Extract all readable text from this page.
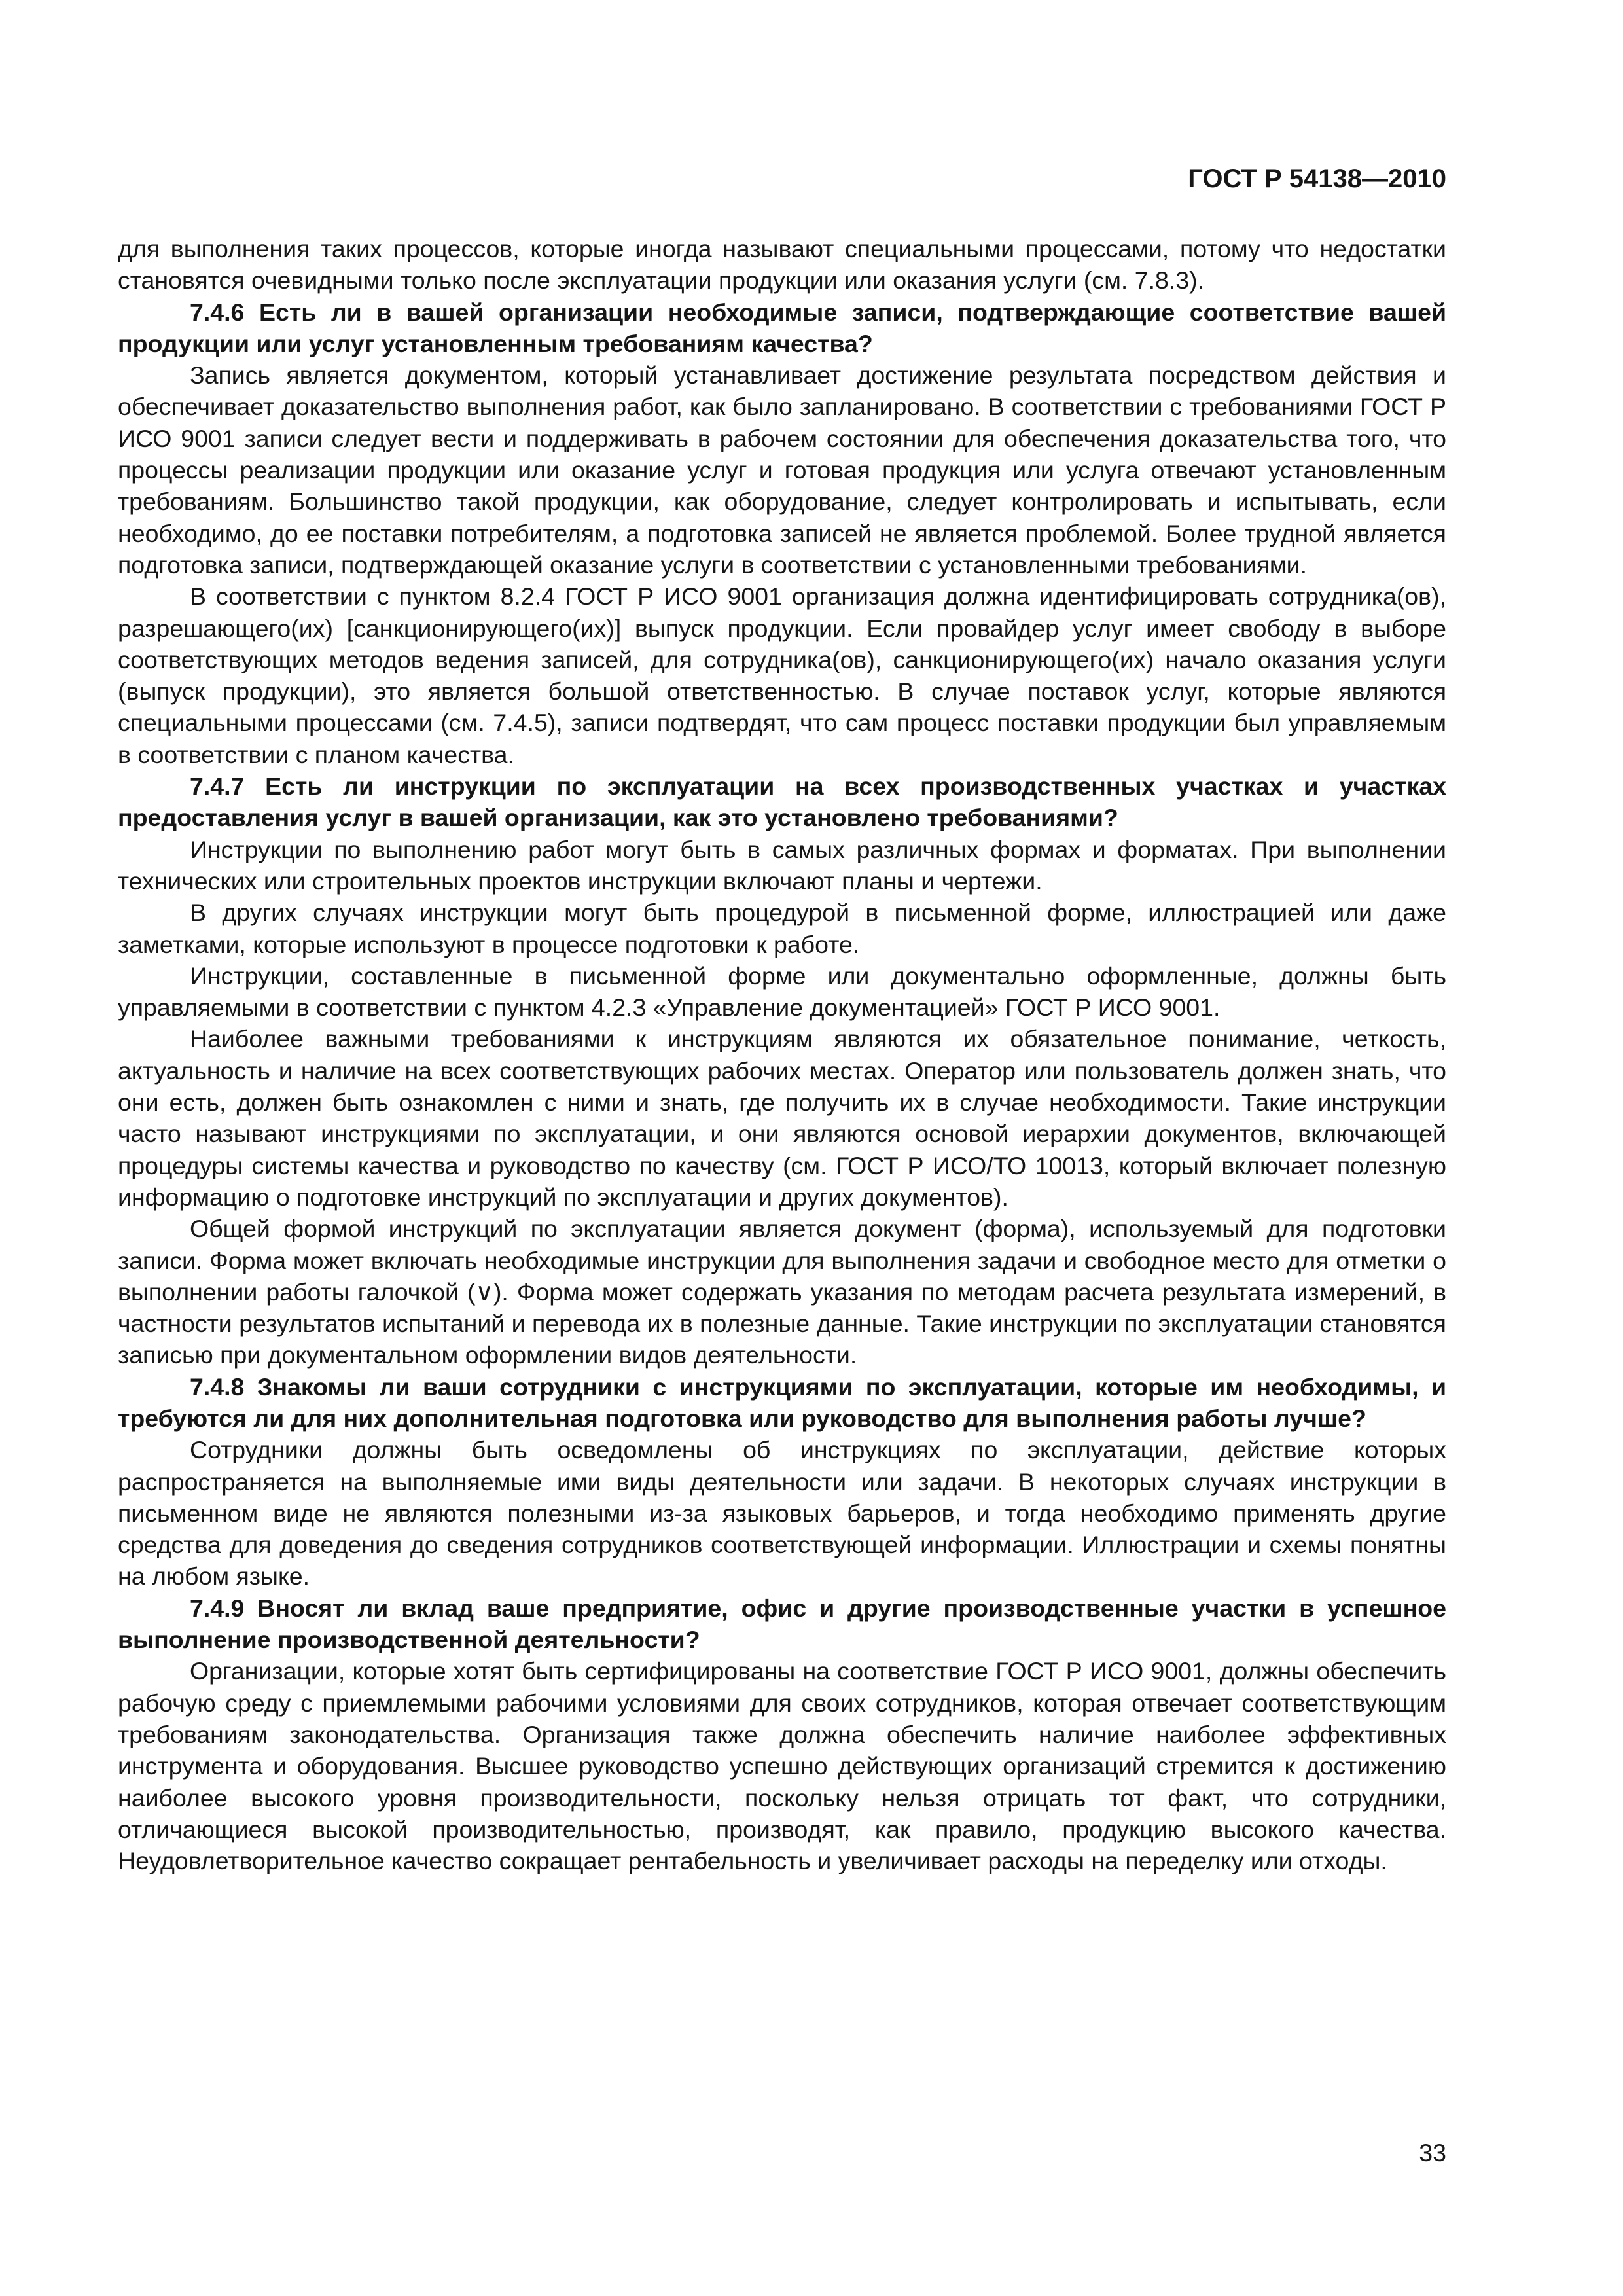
ГОСТ Р 54138—2010

для выполнения таких процессов, которые иногда называют специальными процессами, потому что недостатки становятся очевидными только после эксплуатации продукции или оказания услуги (см. 7.8.3).

7.4.6 Есть ли в вашей организации необходимые записи, подтверждающие соответствие вашей продукции или услуг установленным требованиям качества?

Запись является документом, который устанавливает достижение результата посредством действия и обеспечивает доказательство выполнения работ, как было запланировано. В соответствии с требованиями ГОСТ Р ИСО 9001 записи следует вести и поддерживать в рабочем состоянии для обеспечения доказательства того, что процессы реализации продукции или оказание услуг и готовая продукция или услуга отвечают установленным требованиям. Большинство такой продукции, как оборудование, следует контролировать и испытывать, если необходимо, до ее поставки потребителям, а подготовка записей не является проблемой. Более трудной является подготовка записи, подтверждающей оказание услуги в соответствии с установленными требованиями.

В соответствии с пунктом 8.2.4 ГОСТ Р ИСО 9001 организация должна идентифицировать сотрудника(ов), разрешающего(их) [санкционирующего(их)] выпуск продукции. Если провайдер услуг имеет свободу в выборе соответствующих методов ведения записей, для сотрудника(ов), санкционирующего(их) начало оказания услуги (выпуск продукции), это является большой ответственностью. В случае поставок услуг, которые являются специальными процессами (см. 7.4.5), записи подтвердят, что сам процесс поставки продукции был управляемым в соответствии с планом качества.

7.4.7 Есть ли инструкции по эксплуатации на всех производственных участках и участках предоставления услуг в вашей организации, как это установлено требованиями?

Инструкции по выполнению работ могут быть в самых различных формах и форматах. При выполнении технических или строительных проектов инструкции включают планы и чертежи.

В других случаях инструкции могут быть процедурой в письменной форме, иллюстрацией или даже заметками, которые используют в процессе подготовки к работе.

Инструкции, составленные в письменной форме или документально оформленные, должны быть управляемыми в соответствии с пунктом 4.2.3 «Управление документацией» ГОСТ Р ИСО 9001.

Наиболее важными требованиями к инструкциям являются их обязательное понимание, четкость, актуальность и наличие на всех соответствующих рабочих местах. Оператор или пользователь должен знать, что они есть, должен быть ознакомлен с ними и знать, где получить их в случае необходимости. Такие инструкции часто называют инструкциями по эксплуатации, и они являются основой иерархии документов, включающей процедуры системы качества и руководство по качеству (см. ГОСТ Р ИСО/ТО 10013, который включает полезную информацию о подготовке инструкций по эксплуатации и других документов).

Общей формой инструкций по эксплуатации является документ (форма), используемый для подготовки записи. Форма может включать необходимые инструкции для выполнения задачи и свободное место для отметки о выполнении работы галочкой (∨). Форма может содержать указания по методам расчета результата измерений, в частности результатов испытаний и перевода их в полезные данные. Такие инструкции по эксплуатации становятся записью при документальном оформлении видов деятельности.

7.4.8 Знакомы ли ваши сотрудники с инструкциями по эксплуатации, которые им необходимы, и требуются ли для них дополнительная подготовка или руководство для выполнения работы лучше?

Сотрудники должны быть осведомлены об инструкциях по эксплуатации, действие которых распространяется на выполняемые ими виды деятельности или задачи. В некоторых случаях инструкции в письменном виде не являются полезными из-за языковых барьеров, и тогда необходимо применять другие средства для доведения до сведения сотрудников соответствующей информации. Иллюстрации и схемы понятны на любом языке.

7.4.9 Вносят ли вклад ваше предприятие, офис и другие производственные участки в успешное выполнение производственной деятельности?

Организации, которые хотят быть сертифицированы на соответствие ГОСТ Р ИСО 9001, должны обеспечить рабочую среду с приемлемыми рабочими условиями для своих сотрудников, которая отвечает соответствующим требованиям законодательства. Организация также должна обеспечить наличие наиболее эффективных инструмента и оборудования. Высшее руководство успешно действующих организаций стремится к достижению наиболее высокого уровня производительности, поскольку нельзя отрицать тот факт, что сотрудники, отличающиеся высокой производительностью, производят, как правило, продукцию высокого качества. Неудовлетворительное качество сокращает рентабельность и увеличивает расходы на переделку или отходы.

33
